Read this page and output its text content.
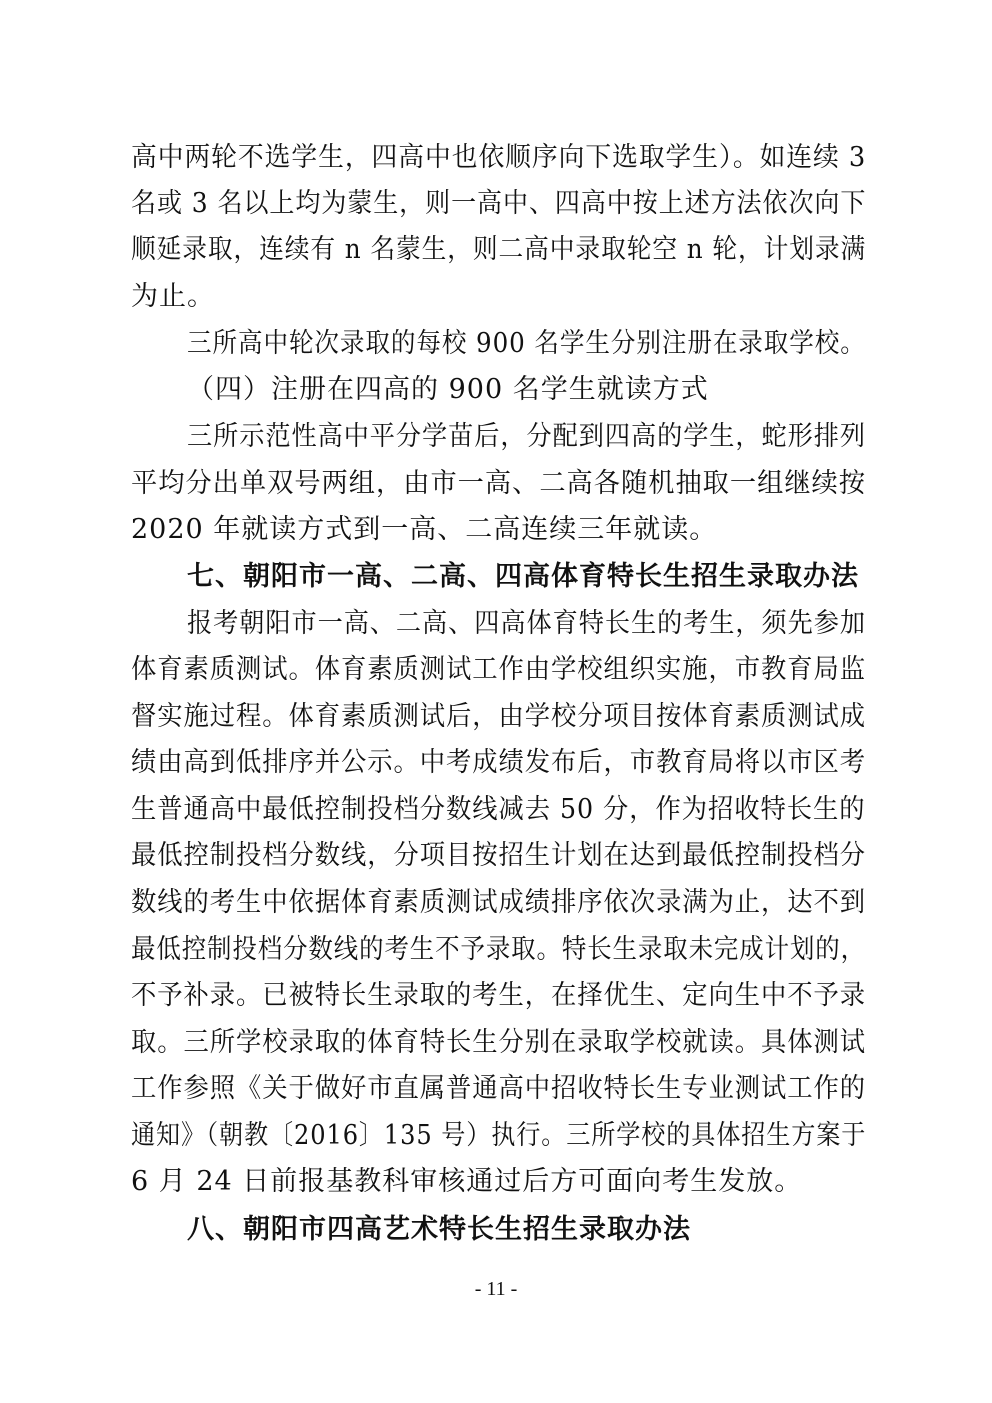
高中两轮不选学生，四高中也依顺序向下选取学生）。如连续 3
名或 3 名以上均为蒙生，则一高中、四高中按上述方法依次向下
顺延录取，连续有 n 名蒙生，则二高中录取轮空 n 轮，计划录满
为止。
三所高中轮次录取的每校 900 名学生分别注册在录取学校。
（四）注册在四高的 900 名学生就读方式
三所示范性高中平分学苗后，分配到四高的学生，蛇形排列
平均分出单双号两组，由市一高、二高各随机抽取一组继续按
2020 年就读方式到一高、二高连续三年就读。
七、朝阳市一高、二高、四高体育特长生招生录取办法
报考朝阳市一高、二高、四高体育特长生的考生，须先参加
体育素质测试。体育素质测试工作由学校组织实施，市教育局监
督实施过程。体育素质测试后，由学校分项目按体育素质测试成
绩由高到低排序并公示。中考成绩发布后，市教育局将以市区考
生普通高中最低控制投档分数线减去 50 分，作为招收特长生的
最低控制投档分数线，分项目按招生计划在达到最低控制投档分
数线的考生中依据体育素质测试成绩排序依次录满为止，达不到
最低控制投档分数线的考生不予录取。特长生录取未完成计划的，
不予补录。已被特长生录取的考生，在择优生、定向生中不予录
取。三所学校录取的体育特长生分别在录取学校就读。具体测试
工作参照《关于做好市直属普通高中招收特长生专业测试工作的
通知》（朝教〔2016〕135 号）执行。三所学校的具体招生方案于
6 月 24 日前报基教科审核通过后方可面向考生发放。
八、朝阳市四高艺术特长生招生录取办法
- 11 -
